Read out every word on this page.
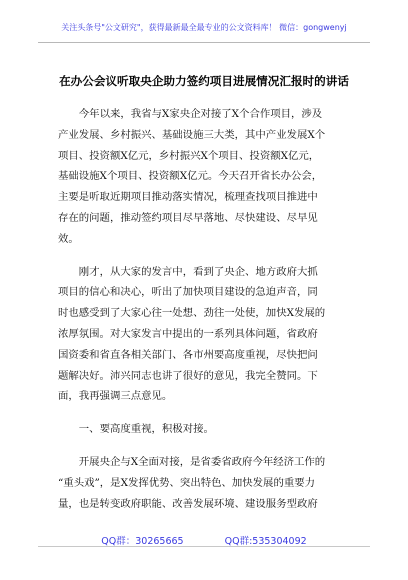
关注头条号"公文研究"，获得最新最全最专业的公文资料库！ 微信：gongwenyj
在办公会议听取央企助力签约项目进展情况汇报时的讲话
今年以来，我省与X家央企对接了X个合作项目，涉及
产业发展、乡村振兴、基础设施三大类，其中产业发展X个
项目、投资额X亿元，乡村振兴X个项目、投资额X亿元，
基础设施X个项目、投资额X亿元。今天召开省长办公会，
主要是听取近期项目推动落实情况，梳理查找项目推进中
存在的问题，推动签约项目尽早落地、尽快建设、尽早见
效。
刚才，从大家的发言中，看到了央企、地方政府大抓
项目的信心和决心，听出了加快项目建设的急迫声音，同
时也感受到了大家心往一处想、劲往一处使，加快X发展的
浓厚氛围。对大家发言中提出的一系列具体问题，省政府
国资委和省直各相关部门、各市州要高度重视，尽快把问
题解决好。沛兴同志也讲了很好的意见，我完全赞同。下
面，我再强调三点意见。
一、要高度重视，积极对接。
开展央企与X全面对接，是省委省政府今年经济工作的
“重头戏”，是X发挥优势、突出特色、加快发展的重要力
量，也是转变政府职能、改善发展环境、建设服务型政府
QQ群：30265665	QQ群:535304092
